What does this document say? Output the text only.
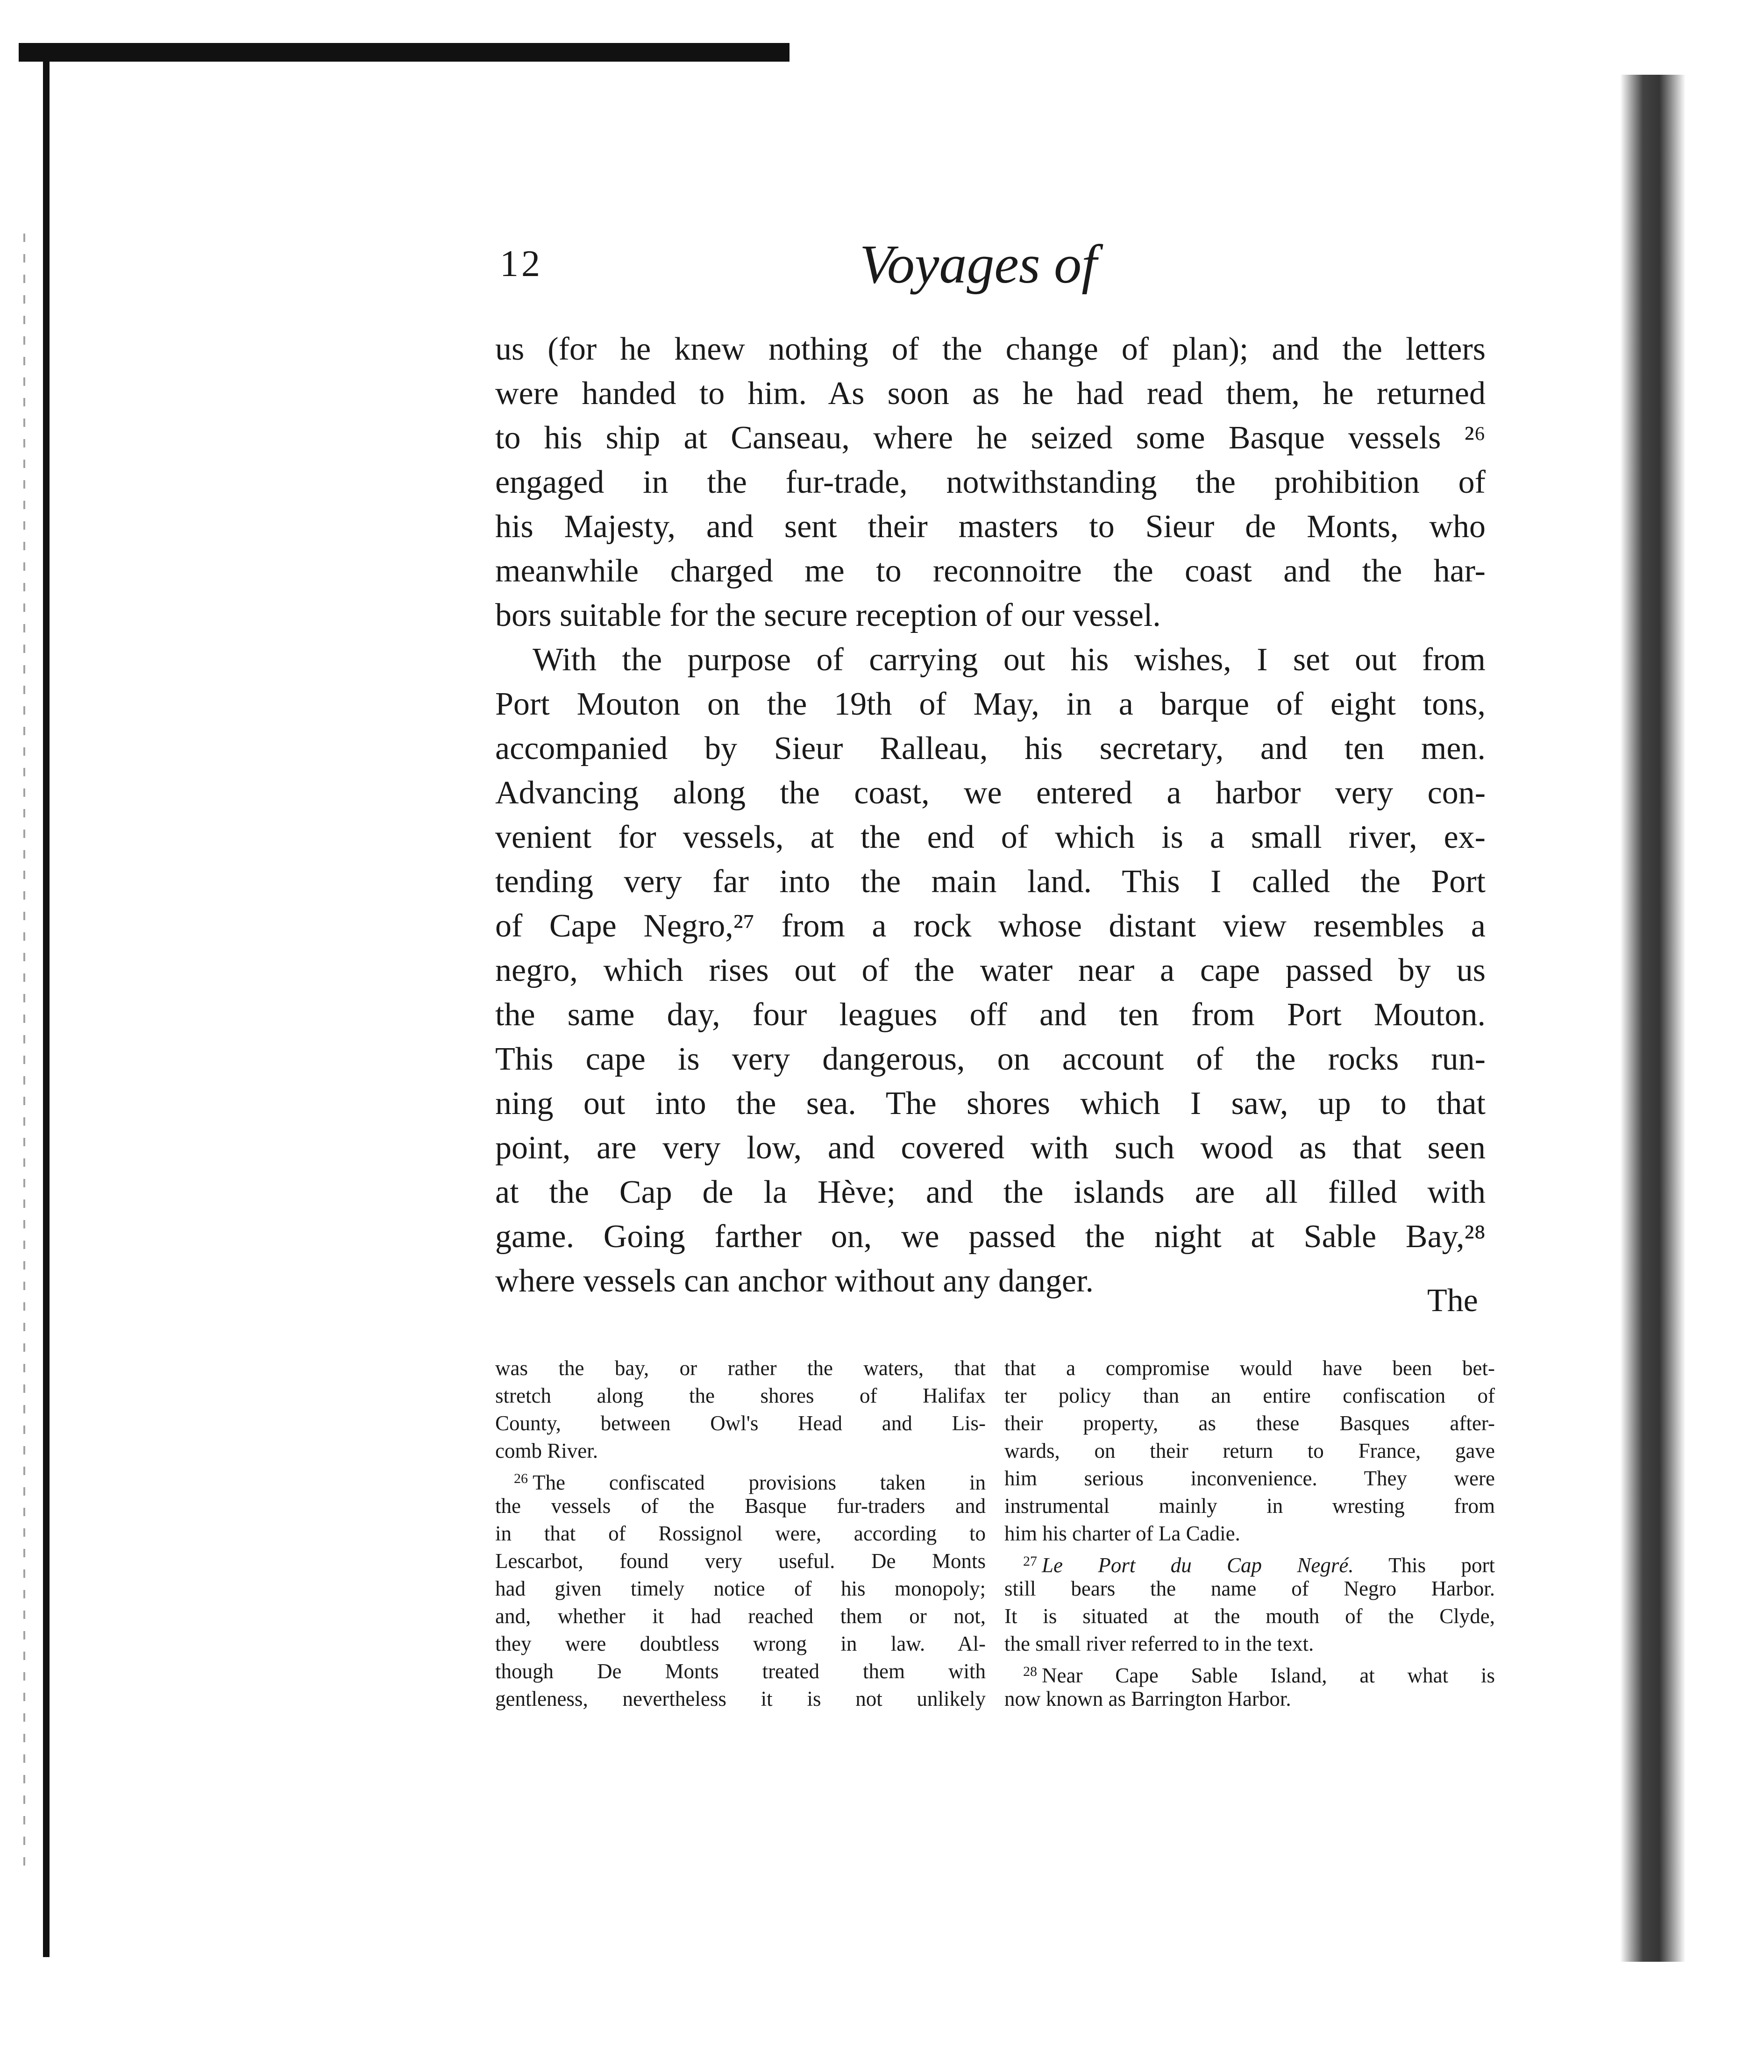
12	Voyages of
us (for he knew nothing of the change of plan); and the letters
were handed to him. As soon as he had read them, he returned
to his ship at Canseau, where he seized some Basque vessels ²⁶
engaged in the fur-trade, notwithstanding the prohibition of
his Majesty, and sent their masters to Sieur de Monts, who
meanwhile charged me to reconnoitre the coast and the har-
bors suitable for the secure reception of our vessel.
With the purpose of carrying out his wishes, I set out from
Port Mouton on the 19th of May, in a barque of eight tons,
accompanied by Sieur Ralleau, his secretary, and ten men.
Advancing along the coast, we entered a harbor very con-
venient for vessels, at the end of which is a small river, ex-
tending very far into the main land. This I called the Port
of Cape Negro,²⁷ from a rock whose distant view resembles a
negro, which rises out of the water near a cape passed by us
the same day, four leagues off and ten from Port Mouton.
This cape is very dangerous, on account of the rocks run-
ning out into the sea. The shores which I saw, up to that
point, are very low, and covered with such wood as that seen
at the Cap de la Hève; and the islands are all filled with
game. Going farther on, we passed the night at Sable Bay,²⁸
where vessels can anchor without any danger.
The
was the bay, or rather the waters, that
stretch along the shores of Halifax
County, between Owl's Head and Lis-
comb River.
$^{26}$ The confiscated provisions taken in
the vessels of the Basque fur-traders and
in that of Rossignol were, according to
Lescarbot, found very useful. De Monts
had given timely notice of his monopoly;
and, whether it had reached them or not,
they were doubtless wrong in law. Al-
though De Monts treated them with
gentleness, nevertheless it is not unlikely
that a compromise would have been bet-
ter policy than an entire confiscation of
their property, as these Basques after-
wards, on their return to France, gave
him serious inconvenience. They were
instrumental mainly in wresting from
him his charter of La Cadie.
$^{27}$ Le Port du Cap Negré. This port
still bears the name of Negro Harbor.
It is situated at the mouth of the Clyde,
the small river referred to in the text.
$^{28}$ Near Cape Sable Island, at what is
now known as Barrington Harbor.
